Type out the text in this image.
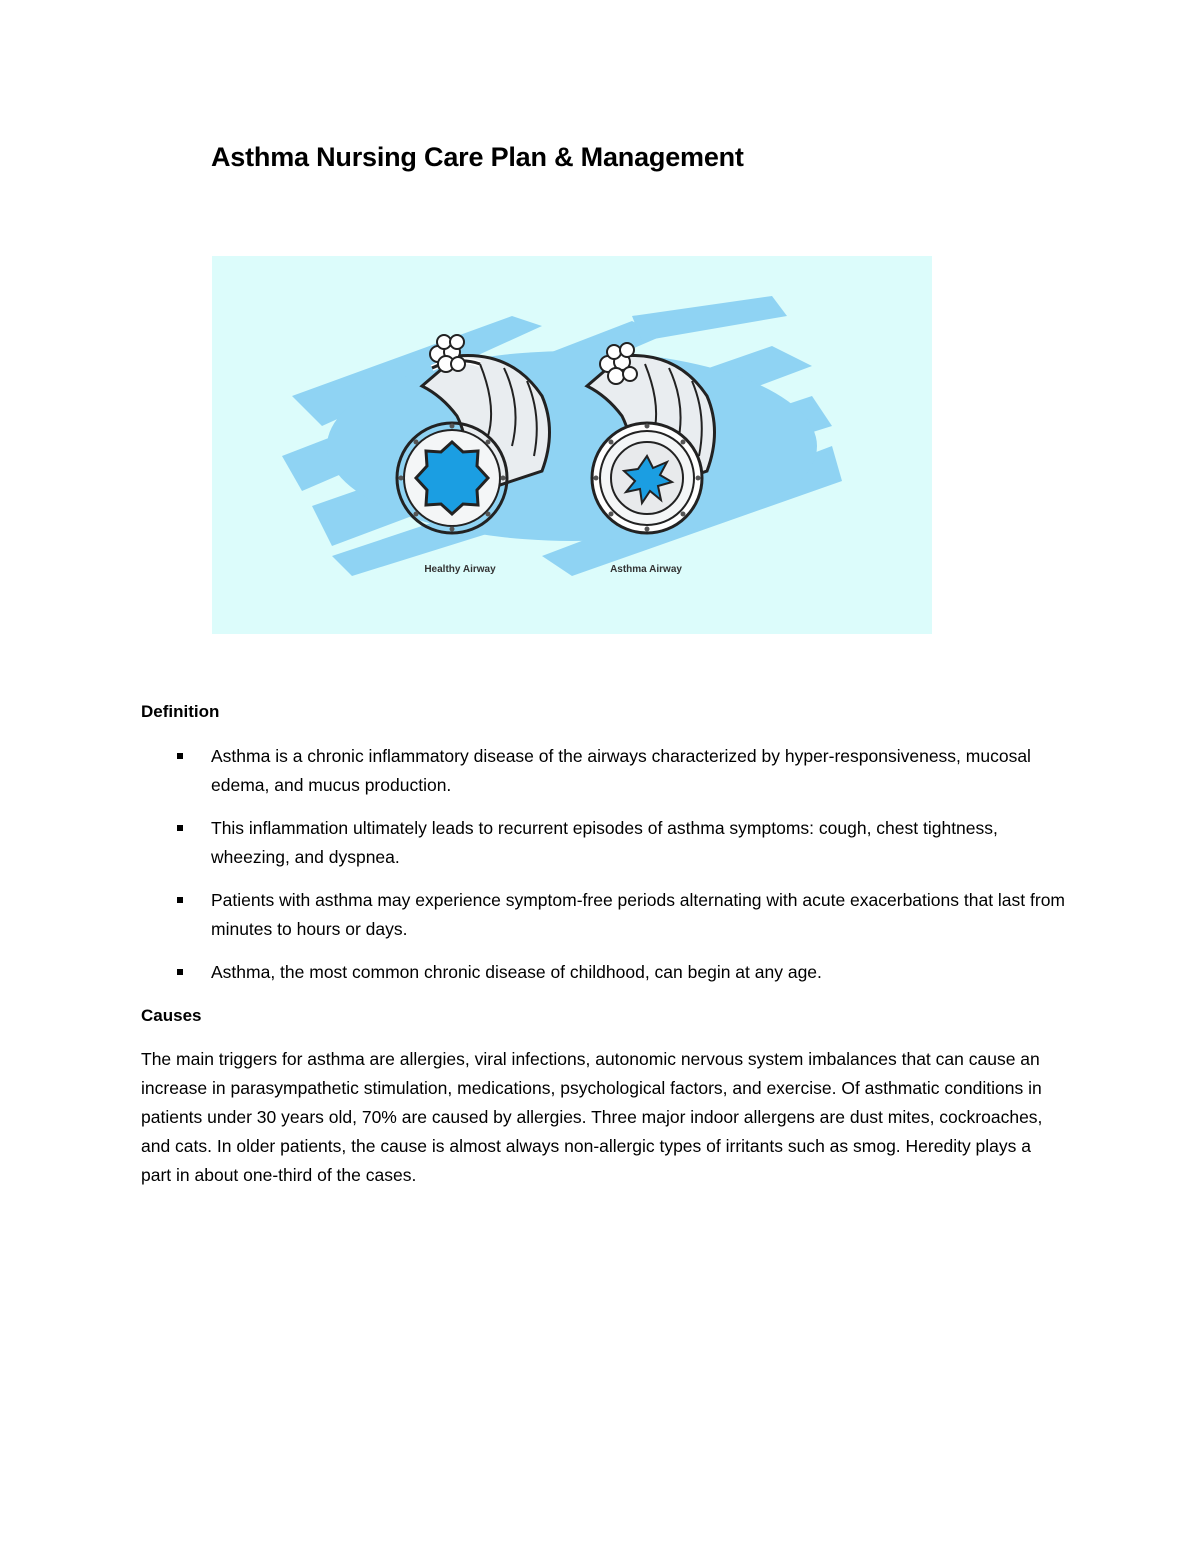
Asthma Nursing Care Plan & Management
Healthy Airway	Asthma Airway
Definition
Asthma is a chronic inflammatory disease of the airways characterized by hyper-responsiveness, mucosal edema, and mucus production.
This inflammation ultimately leads to recurrent episodes of asthma symptoms: cough, chest tightness, wheezing, and dyspnea.
Patients with asthma may experience symptom-free periods alternating with acute exacerbations that last from minutes to hours or days.
Asthma, the most common chronic disease of childhood, can begin at any age.
Causes

The main triggers for asthma are allergies, viral infections, autonomic nervous system imbalances that can cause an increase in parasympathetic stimulation, medications, psychological factors, and exercise. Of asthmatic conditions in patients under 30 years old, 70% are caused by allergies. Three major indoor allergens are dust mites, cockroaches, and cats. In older patients, the cause is almost always non-allergic types of irritants such as smog. Heredity plays a part in about one-third of the cases.
